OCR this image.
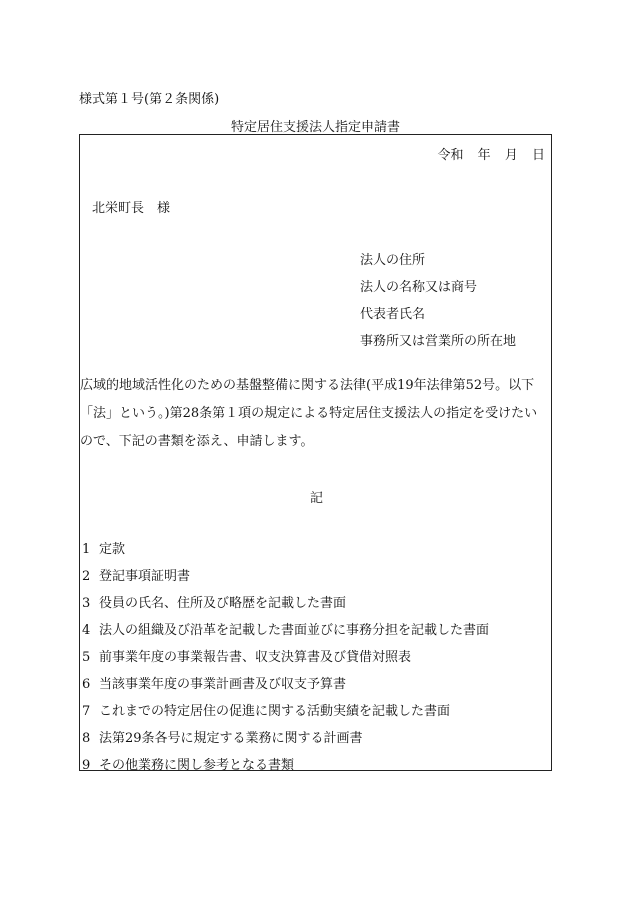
様式第１号(第２条関係)
特定居住支援法人指定申請書
令和 年 月 日
北栄町長　様
法人の住所
法人の名称又は商号
代表者氏名
事務所又は営業所の所在地
広域的地域活性化のための基盤整備に関する法律(平成19年法律第52号。以下
「法」という。)第28条第１項の規定による特定居住支援法人の指定を受けたい
ので、下記の書類を添え、申請します。
記
1 定款
2 登記事項証明書
3 役員の氏名、住所及び略歴を記載した書面
4 法人の組織及び沿革を記載した書面並びに事務分担を記載した書面
5 前事業年度の事業報告書、収支決算書及び貸借対照表
6 当該事業年度の事業計画書及び収支予算書
7 これまでの特定居住の促進に関する活動実績を記載した書面
8 法第29条各号に規定する業務に関する計画書
9 その他業務に関し参考となる書類
